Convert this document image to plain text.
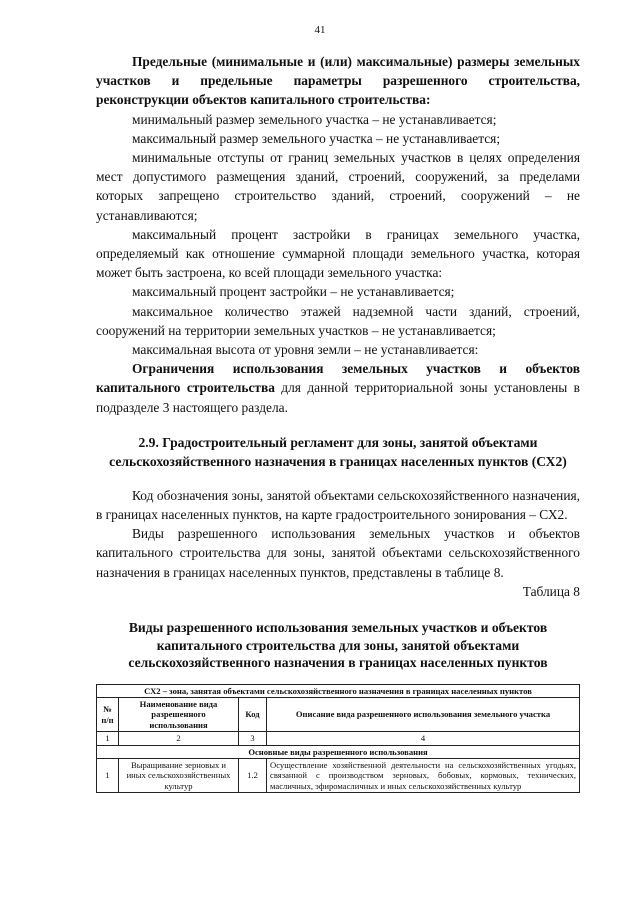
41

Предельные (минимальные и (или) максимальные) размеры земельных участков и предельные параметры разрешенного строительства, реконструкции объектов капитального строительства:

минимальный размер земельного участка – не устанавливается;

максимальный размер земельного участка – не устанавливается;

минимальные отступы от границ земельных участков в целях определения мест допустимого размещения зданий, строений, сооружений, за пределами которых запрещено строительство зданий, строений, сооружений – не устанавливаются;

максимальный процент застройки в границах земельного участка, определяемый как отношение суммарной площади земельного участка, которая может быть застроена, ко всей площади земельного участка:

максимальный процент застройки – не устанавливается;

максимальное количество этажей надземной части зданий, строений, сооружений на территории земельных участков – не устанавливается;

максимальная высота от уровня земли – не устанавливается:

Ограничения использования земельных участков и объектов капитального строительства для данной территориальной зоны установлены в подразделе 3 настоящего раздела.

2.9. Градостроительный регламент для зоны, занятой объектами сельскохозяйственного назначения в границах населенных пунктов (СХ2)

Код обозначения зоны, занятой объектами сельскохозяйственного назначения, в границах населенных пунктов, на карте градостроительного зонирования – СХ2.

Виды разрешенного использования земельных участков и объектов капитального строительства для зоны, занятой объектами сельскохозяйственного назначения в границах населенных пунктов, представлены в таблице 8.

Таблица 8

Виды разрешенного использования земельных участков и объектов капитального строительства для зоны, занятой объектами сельскохозяйственного назначения в границах населенных пунктов
СХ2 – зона, занятая объектами сельскохозяйственного назначения в границах населенных пунктов			
№ п/п	Наименование вида разрешенного использования	Код	Описание вида разрешенного использования земельного участка
1	2	3	4
Основные виды разрешенного использования			
1	Выращивание зерновых и иных сельскохозяйственных культур	1.2	Осуществление хозяйственной деятельности на сельскохозяйственных угодьях, связанной с производством зерновых, бобовых, кормовых, технических, масличных, эфиромасличных и иных сельскохозяйственных культур
